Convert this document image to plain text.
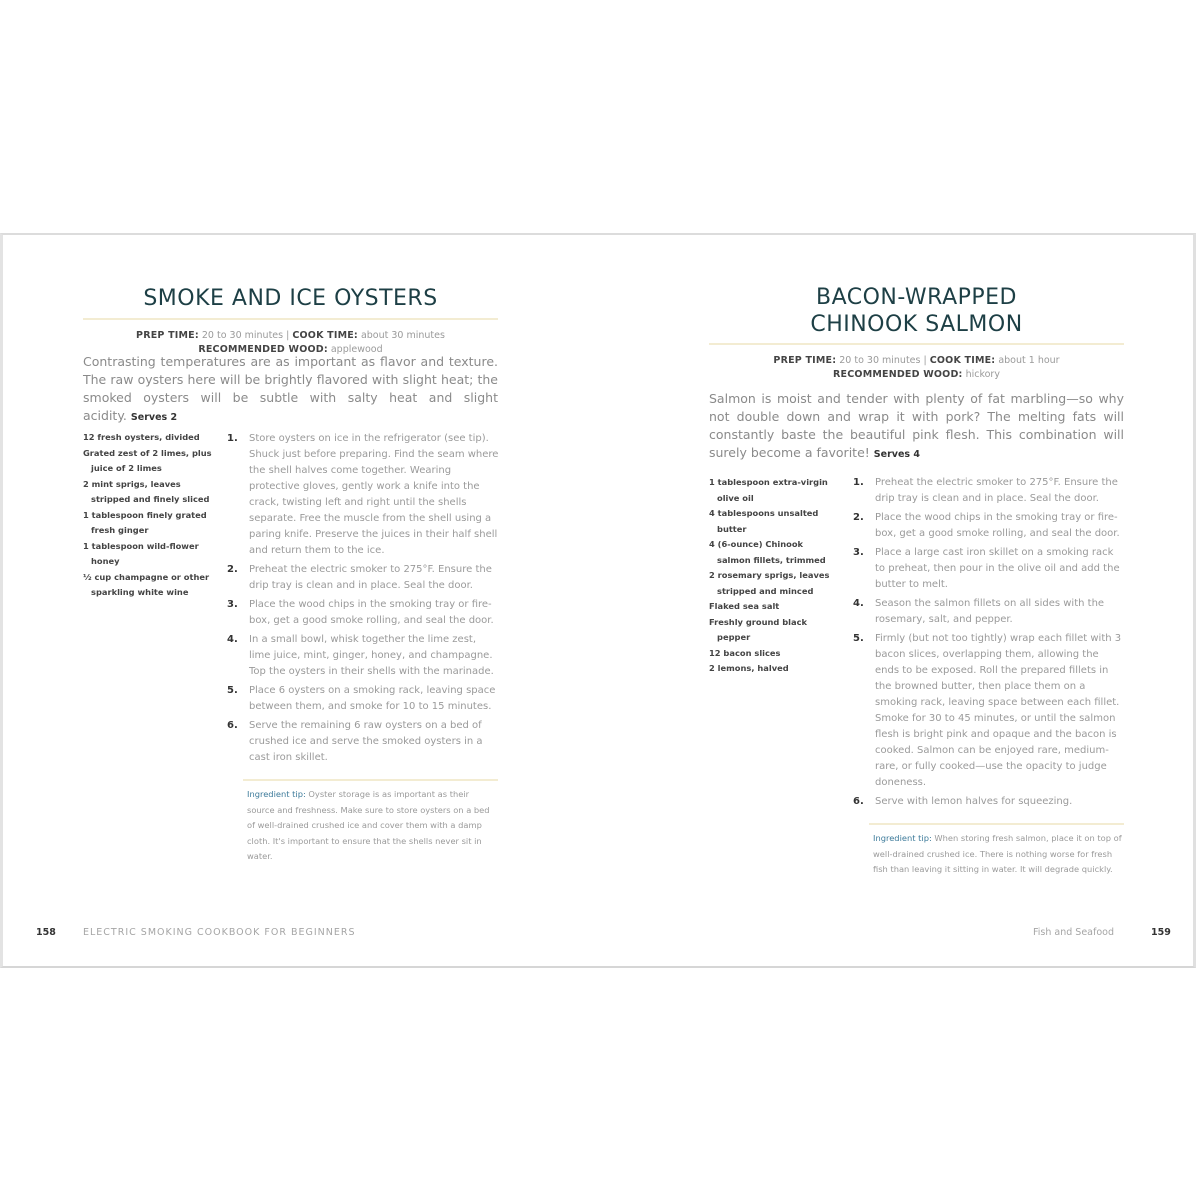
SMOKE AND ICE OYSTERS
PREP TIME: 20 to 30 minutes | COOK TIME: about 30 minutes
RECOMMENDED WOOD: applewood

Contrasting temperatures are as important as flavor and texture. The raw oysters here will be brightly flavored with slight heat; the smoked oysters will be subtle with salty heat and slight acidity. Serves 2

12 fresh oysters, divided
Grated zest of 2 limes, plus juice of 2 limes
2 mint sprigs, leaves stripped and finely sliced
1 tablespoon finely grated fresh ginger
1 tablespoon wild-flower honey
½ cup champagne or other sparkling white wine
1. Store oysters on ice in the refrigerator (see tip). Shuck just before preparing. Find the seam where the shell halves come together. Wearing protective gloves, gently work a knife into the crack, twisting left and right until the shells separate. Free the muscle from the shell using a paring knife. Preserve the juices in their half shell and return them to the ice.
2. Preheat the electric smoker to 275°F. Ensure the drip tray is clean and in place. Seal the door.
3. Place the wood chips in the smoking tray or fire-box, get a good smoke rolling, and seal the door.
4. In a small bowl, whisk together the lime zest, lime juice, mint, ginger, honey, and champagne. Top the oysters in their shells with the marinade.
5. Place 6 oysters on a smoking rack, leaving space between them, and smoke for 10 to 15 minutes.
6. Serve the remaining 6 raw oysters on a bed of crushed ice and serve the smoked oysters in a cast iron skillet.

Ingredient tip: Oyster storage is as important as their source and freshness. Make sure to store oysters on a bed of well-drained crushed ice and cover them with a damp cloth. It's important to ensure that the shells never sit in water.

158	ELECTRIC SMOKING COOKBOOK FOR BEGINNERS
BACON-WRAPPED
CHINOOK SALMON
PREP TIME: 20 to 30 minutes | COOK TIME: about 1 hour
RECOMMENDED WOOD: hickory

Salmon is moist and tender with plenty of fat marbling—so why not double down and wrap it with pork? The melting fats will constantly baste the beautiful pink flesh. This combination will surely become a favorite! Serves 4

1 tablespoon extra-virgin olive oil
4 tablespoons unsalted butter
4 (6-ounce) Chinook salmon fillets, trimmed
2 rosemary sprigs, leaves stripped and minced
Flaked sea salt
Freshly ground black pepper
12 bacon slices
2 lemons, halved
1. Preheat the electric smoker to 275°F. Ensure the drip tray is clean and in place. Seal the door.
2. Place the wood chips in the smoking tray or fire-box, get a good smoke rolling, and seal the door.
3. Place a large cast iron skillet on a smoking rack to preheat, then pour in the olive oil and add the butter to melt.
4. Season the salmon fillets on all sides with the rosemary, salt, and pepper.
5. Firmly (but not too tightly) wrap each fillet with 3 bacon slices, overlapping them, allowing the ends to be exposed. Roll the prepared fillets in the browned butter, then place them on a smoking rack, leaving space between each fillet. Smoke for 30 to 45 minutes, or until the salmon flesh is bright pink and opaque and the bacon is cooked. Salmon can be enjoyed rare, medium-rare, or fully cooked—use the opacity to judge doneness.
6. Serve with lemon halves for squeezing.

Ingredient tip: When storing fresh salmon, place it on top of well-drained crushed ice. There is nothing worse for fresh fish than leaving it sitting in water. It will degrade quickly.

Fish and Seafood	159
